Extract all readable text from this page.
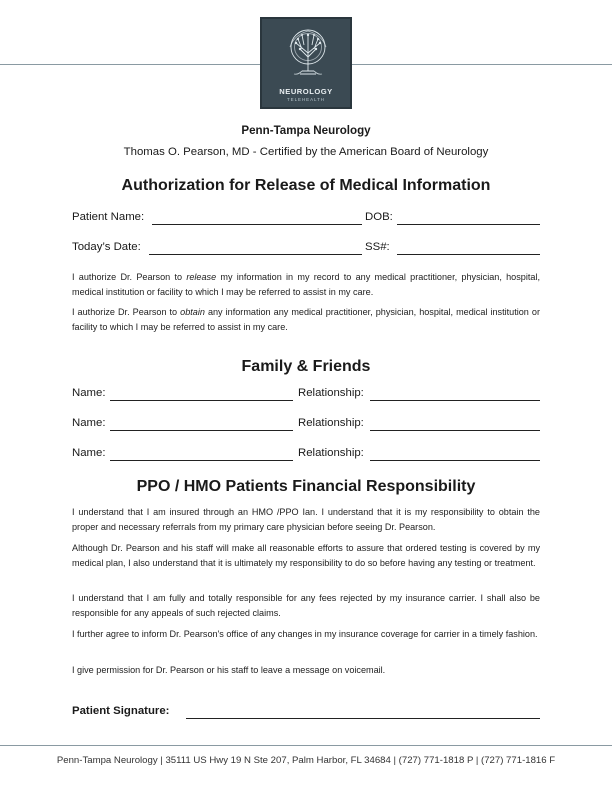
NEUROLOGY
TELEHEALTH
Penn-Tampa Neurology
Thomas O. Pearson, MD - Certified by the American Board of Neurology
Authorization for Release of Medical Information
Patient Name:	DOB:
Today’s Date:	SS#:
I authorize Dr. Pearson to release my information in my record to any medical practitioner, physician, hospital, medical institution or facility to which I may be referred to assist in my care.
I authorize Dr. Pearson to obtain any information any medical practitioner, physician, hospital, medical institution or facility to which I may be referred to assist in my care.
Family & Friends
Name:	Relationship:
Name:	Relationship:
Name:	Relationship:
PPO / HMO Patients Financial Responsibility
I understand that I am insured through an HMO /PPO Ian. I understand that it is my responsibility to obtain the proper and necessary referrals from my primary care physician before seeing Dr. Pearson.
Although Dr. Pearson and his staff will make all reasonable efforts to assure that ordered testing is covered by my medical plan, I also understand that it is ultimately my responsibility to do so before having any testing or treatment.
I understand that I am fully and totally responsible for any fees rejected by my insurance carrier. I shall also be responsible for any appeals of such rejected claims.
I further agree to inform Dr. Pearson's office of any changes in my insurance coverage for carrier in a timely fashion.
I give permission for Dr. Pearson or his staff to leave a message on voicemail.
Patient Signature:
Penn-Tampa Neurology | 35111 US Hwy 19 N Ste 207, Palm Harbor, FL 34684 | (727) 771-1818 P | (727) 771-1816 F
